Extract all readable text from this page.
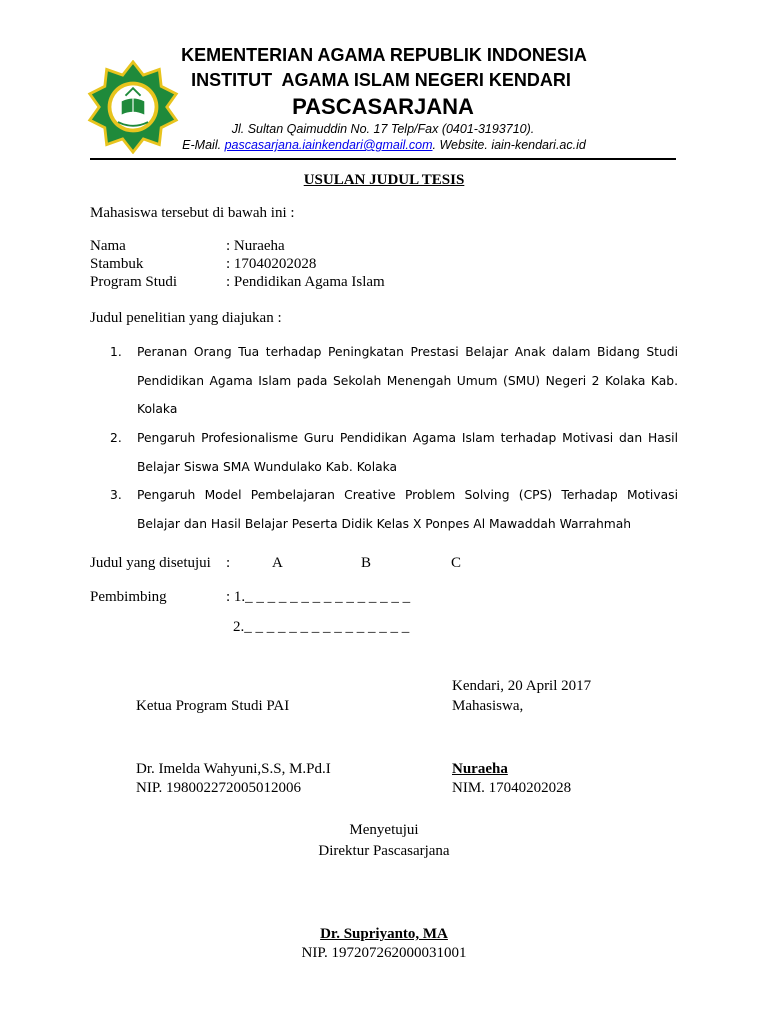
KEMENTERIAN AGAMA REPUBLIK INDONESIA
INSTITUT  AGAMA ISLAM NEGERI KENDARI
PASCASARJANA
Jl. Sultan Qaimuddin No. 17 Telp/Fax (0401-3193710).
E-Mail. pascasarjana.iainkendari@gmail.com. Website. iain-kendari.ac.id
USULAN JUDUL TESIS
Mahasiswa tersebut di bawah ini :
Nama	: Nuraeha
Stambuk	: 17040202028
Program Studi	: Pendidikan Agama Islam
Judul penelitian yang diajukan :
1. Peranan Orang Tua terhadap Peningkatan Prestasi Belajar Anak dalam Bidang Studi Pendidikan Agama Islam pada Sekolah Menengah Umum (SMU) Negeri 2 Kolaka Kab. Kolaka
2. Pengaruh Profesionalisme Guru Pendidikan Agama Islam terhadap Motivasi dan Hasil Belajar Siswa SMA Wundulako Kab. Kolaka
3. Pengaruh Model Pembelajaran Creative Problem Solving (CPS) Terhadap Motivasi Belajar dan Hasil Belajar Peserta Didik Kelas X Ponpes Al Mawaddah Warrahmah
Judul yang disetujui :	A	B	C
Pembimbing	: 1._ _ _ _ _ _ _ _ _ _ _ _ _ _ _
2._ _ _ _ _ _ _ _ _ _ _ _ _ _ _
Kendari, 20 April 2017
Ketua Program Studi PAI	Mahasiswa,
Dr. Imelda Wahyuni,S.S, M.Pd.I	Nuraeha
NIP. 198002272005012006	NIM. 17040202028
Menyetujui
Direktur Pascasarjana
Dr. Supriyanto, MA
NIP. 197207262000031001
